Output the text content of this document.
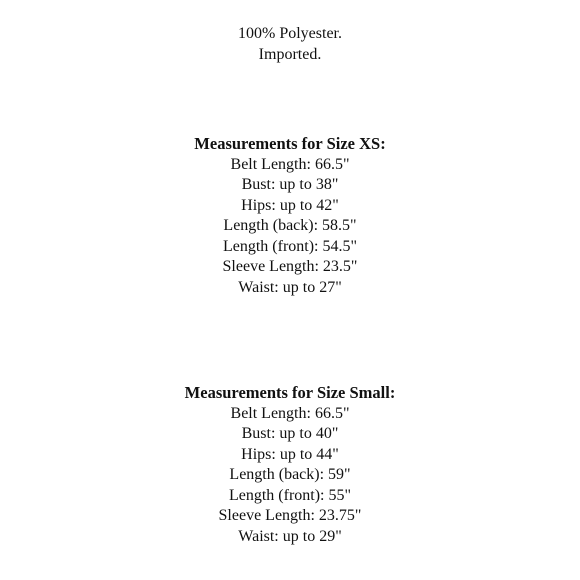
100% Polyester.
Imported.
Measurements for Size XS:
Belt Length: 66.5"
Bust: up to 38"
Hips: up to 42"
Length (back): 58.5"
Length (front): 54.5"
Sleeve Length: 23.5"
Waist: up to 27"
Measurements for Size Small:
Belt Length: 66.5"
Bust: up to 40"
Hips: up to 44"
Length (back): 59"
Length (front): 55"
Sleeve Length: 23.75"
Waist: up to 29"
